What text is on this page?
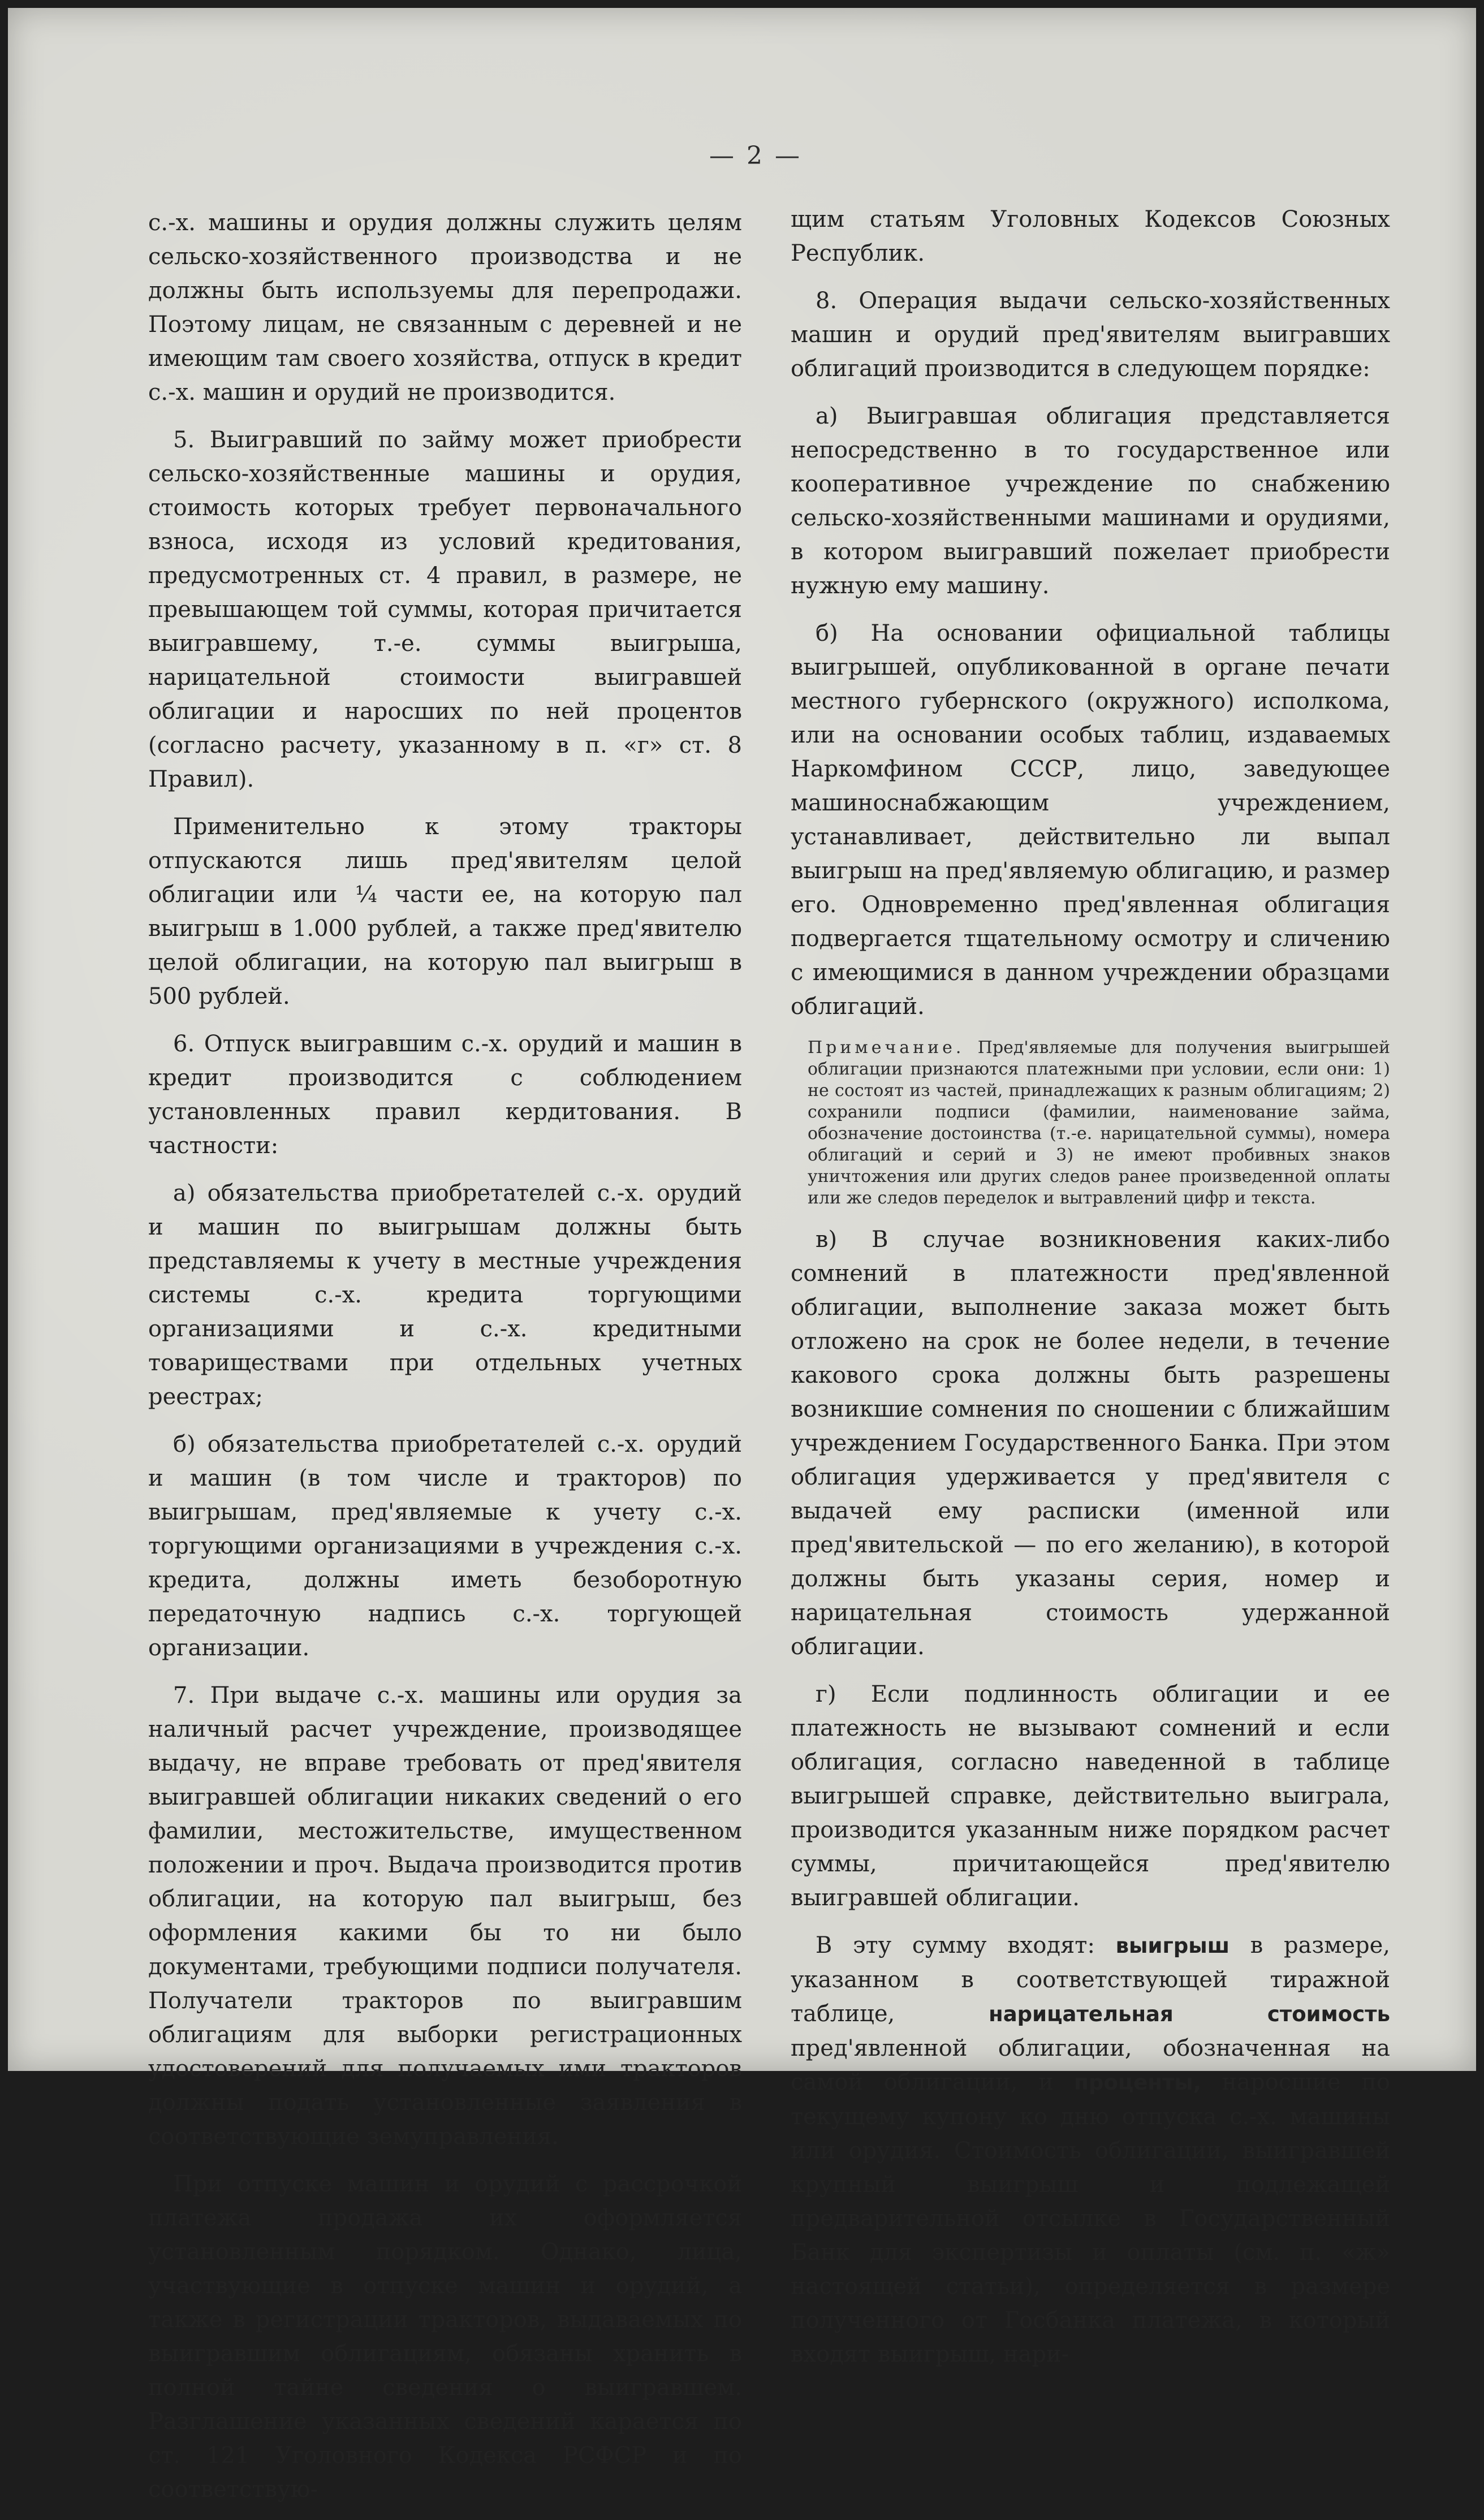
— 2 —

с.-х. машины и орудия должны служить целям сельско-хозяйственного производства и не должны быть используемы для перепродажи. Поэтому лицам, не связанным с деревней и не имеющим там своего хозяйства, отпуск в кредит с.-х. машин и орудий не производится.

5. Выигравший по займу может приобрести сельско-хозяйственные машины и орудия, стоимость которых требует первоначального взноса, исходя из условий кредитования, предусмотренных ст. 4 правил, в размере, не превышающем той суммы, которая причитается выигравшему, т.-е. суммы выигрыша, нарицательной стоимости выигравшей облигации и наросших по ней процентов (согласно расчету, указанному в п. «г» ст. 8 Правил).

Применительно к этому тракторы отпускаются лишь пред'явителям целой облигации или ¼ части ее, на которую пал выигрыш в 1.000 рублей, а также пред'явителю целой облигации, на которую пал выигрыш в 500 рублей.

6. Отпуск выигравшим с.-х. орудий и машин в кредит производится с соблюдением установленных правил кердитования. В частности:

а) обязательства приобретателей с.-х. орудий и машин по выигрышам должны быть представляемы к учету в местные учреждения системы с.-х. кредита торгующими организациями и с.-х. кредитными товариществами при отдельных учетных реестрах;

б) обязательства приобретателей с.-х. орудий и машин (в том числе и тракторов) по выигрышам, пред'являемые к учету с.-х. торгующими организациями в учреждения с.-х. кредита, должны иметь безоборотную передаточную надпись с.-х. торгующей организации.

7. При выдаче с.-х. машины или орудия за наличный расчет учреждение, производящее выдачу, не вправе требовать от пред'явителя выигравшей облигации никаких сведений о его фамилии, местожительстве, имущественном положении и проч. Выдача производится против облигации, на которую пал выигрыш, без оформления какими бы то ни было документами, требующими подписи получателя. Получатели тракторов по выигравшим облигациям для выборки регистрационных удостоверений для получаемых ими тракторов должны подать установленные заявления в соответствующие земуправления.

При отпуске машин и орудий с рассрочкой платежа продажа их оформляется установленным порядком. Однако, лица, участвующие в отпуске машин и орудий, а также в регистрации тракторов, выдаваемых по выигравшим облигациям, обязаны хранить в полной тайне сведения о выигравшем. Разглашение указанных сведений карается по ст. 121 Уголовного Кодекса РСФСР и по соответствую-

щим статьям Уголовных Кодексов Союзных Республик.

8. Операция выдачи сельско-хозяйственных машин и орудий пред'явителям выигравших облигаций производится в следующем порядке:

а) Выигравшая облигация представляется непосредственно в то государственное или кооперативное учреждение по снабжению сельско-хозяйственными машинами и орудиями, в котором выигравший пожелает приобрести нужную ему машину.

б) На основании официальной таблицы выигрышей, опубликованной в органе печати местного губернского (окружного) исполкома, или на основании особых таблиц, издаваемых Наркомфином СССР, лицо, заведующее машиноснабжающим учреждением, устанавливает, действительно ли выпал выигрыш на пред'являемую облигацию, и размер его. Одновременно пред'явленная облигация подвергается тщательному осмотру и сличению с имеющимися в данном учреждении образцами облигаций.

Примечание. Пред'являемые для получения выигрышей облигации признаются платежными при условии, если они: 1) не состоят из частей, принадлежащих к разным облигациям; 2) сохранили подписи (фамилии, наименование займа, обозначение достоинства (т.-е. нарицательной суммы), номера облигаций и серий и 3) не имеют пробивных знаков уничтожения или других следов ранее произведенной оплаты или же следов переделок и вытравлений цифр и текста.

в) В случае возникновения каких-либо сомнений в платежности пред'явленной облигации, выполнение заказа может быть отложено на срок не более недели, в течение какового срока должны быть разрешены возникшие сомнения по сношении с ближайшим учреждением Государственного Банка. При этом облигация удерживается у пред'явителя с выдачей ему расписки (именной или пред'явительской — по его желанию), в которой должны быть указаны серия, номер и нарицательная стоимость удержанной облигации.

г) Если подлинность облигации и ее платежность не вызывают сомнений и если облигация, согласно наведенной в таблице выигрышей справке, действительно выиграла, производится указанным ниже порядком расчет суммы, причитающейся пред'явителю выигравшей облигации.

В эту сумму входят: выигрыш в размере, указанном в соответствующей тиражной таблице, нарицательная стоимость пред'явленной облигации, обозначенная на самой облигации, и проценты, наросшие по текущему купону ко дню отпуска с.-х. машины или орудия. Стоимость облигации, выигравшей крупный выигрыш и подлежащей предварительной отсылке в Государственный Банк для экспертизы и оплаты (см. п. «ж» настоящей статьи), определяется в размере полученного от Госбанка платежа, в который входят выигрыш, нари-
